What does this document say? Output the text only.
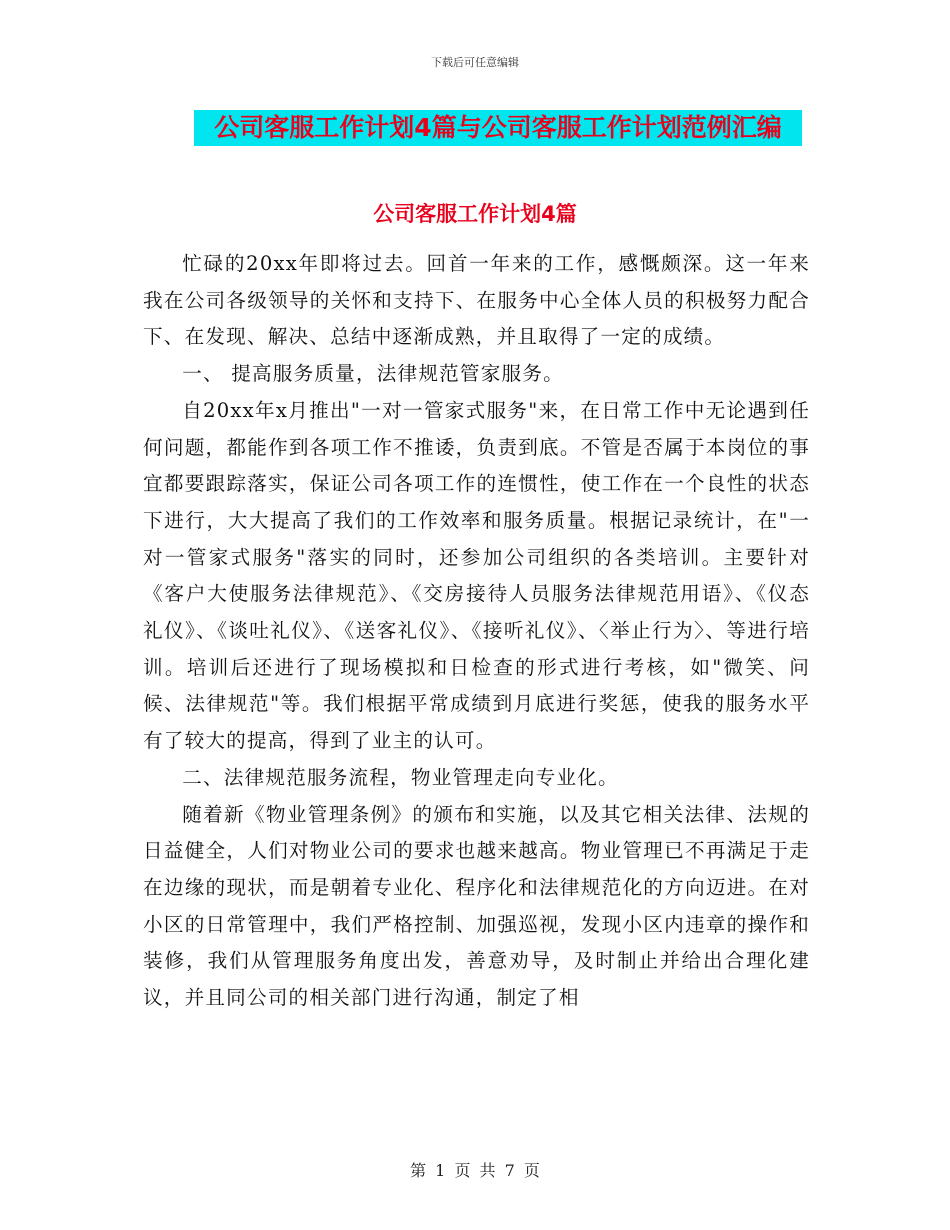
下载后可任意编辑
公司客服工作计划4篇与公司客服工作计划范例汇编
公司客服工作计划4篇

忙碌的20xx年即将过去。回首一年来的工作，感慨颇深。这一年来我在公司各级领导的关怀和支持下、在服务中心全体人员的积极努力配合下、在发现、解决、总结中逐渐成熟，并且取得了一定的成绩。

一、 提高服务质量，法律规范管家服务。

自20xx年x月推出"一对一管家式服务"来，在日常工作中无论遇到任何问题，都能作到各项工作不推诿，负责到底。不管是否属于本岗位的事宜都要跟踪落实，保证公司各项工作的连惯性，使工作在一个良性的状态下进行，大大提高了我们的工作效率和服务质量。根据记录统计，在"一对一管家式服务"落实的同时，还参加公司组织的各类培训。主要针对《客户大使服务法律规范》、《交房接待人员服务法律规范用语》、《仪态礼仪》、《谈吐礼仪》、《送客礼仪》、《接听礼仪》、〈举止行为〉、等进行培训。培训后还进行了现场模拟和日检查的形式进行考核，如"微笑、问候、法律规范"等。我们根据平常成绩到月底进行奖惩，使我的服务水平有了较大的提高，得到了业主的认可。

二、法律规范服务流程，物业管理走向专业化。

随着新《物业管理条例》的颁布和实施，以及其它相关法律、法规的日益健全，人们对物业公司的要求也越来越高。物业管理已不再满足于走在边缘的现状，而是朝着专业化、程序化和法律规范化的方向迈进。在对小区的日常管理中，我们严格控制、加强巡视，发现小区内违章的操作和装修，我们从管理服务角度出发，善意劝导，及时制止并给出合理化建议，并且同公司的相关部门进行沟通，制定了相

第 1 页 共 7 页
